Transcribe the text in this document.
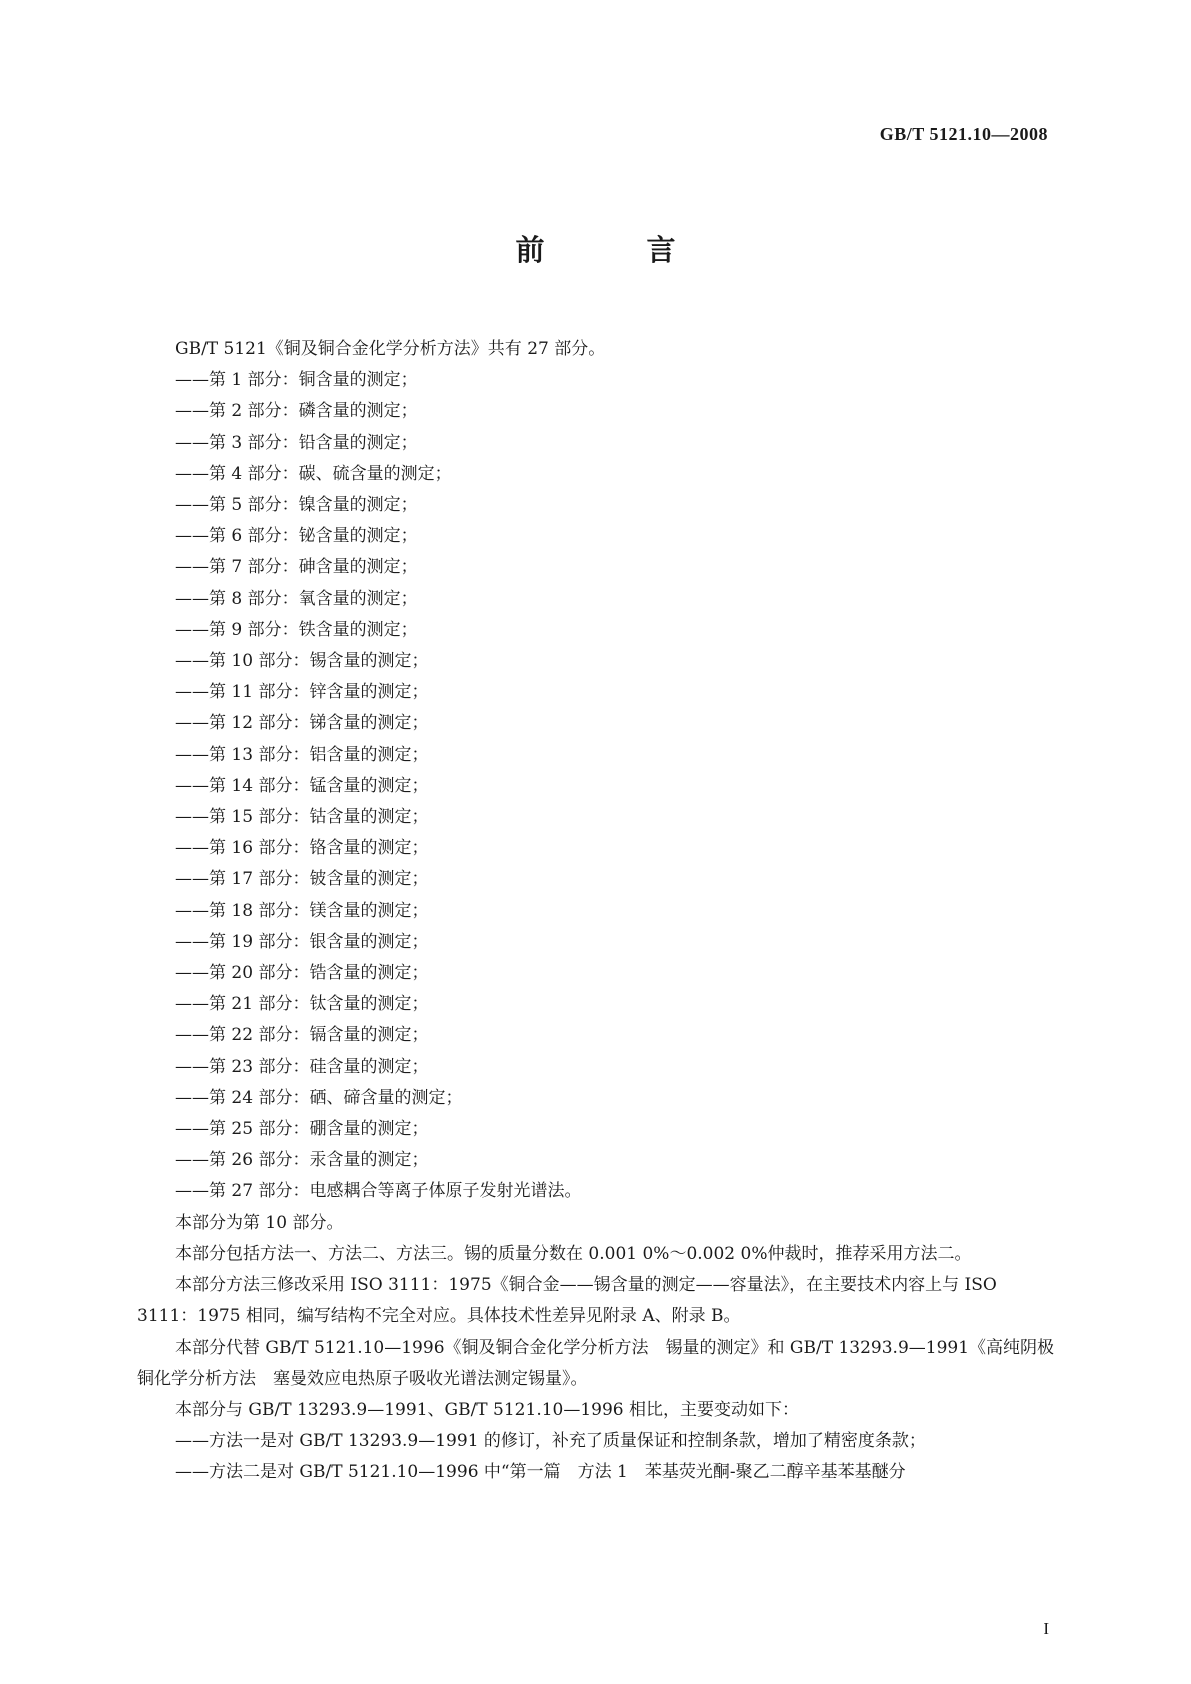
GB/T 5121.10—2008
前 言

GB/T 5121《铜及铜合金化学分析方法》共有 27 部分。

——第 1 部分：铜含量的测定；

——第 2 部分：磷含量的测定；

——第 3 部分：铅含量的测定；

——第 4 部分：碳、硫含量的测定；

——第 5 部分：镍含量的测定；

——第 6 部分：铋含量的测定；

——第 7 部分：砷含量的测定；

——第 8 部分：氧含量的测定；

——第 9 部分：铁含量的测定；

——第 10 部分：锡含量的测定；

——第 11 部分：锌含量的测定；

——第 12 部分：锑含量的测定；

——第 13 部分：铝含量的测定；

——第 14 部分：锰含量的测定；

——第 15 部分：钴含量的测定；

——第 16 部分：铬含量的测定；

——第 17 部分：铍含量的测定；

——第 18 部分：镁含量的测定；

——第 19 部分：银含量的测定；

——第 20 部分：锆含量的测定；

——第 21 部分：钛含量的测定；

——第 22 部分：镉含量的测定；

——第 23 部分：硅含量的测定；

——第 24 部分：硒、碲含量的测定；

——第 25 部分：硼含量的测定；

——第 26 部分：汞含量的测定；

——第 27 部分：电感耦合等离子体原子发射光谱法。

本部分为第 10 部分。

本部分包括方法一、方法二、方法三。锡的质量分数在 0.001 0%～0.002 0%仲裁时，推荐采用方法二。

本部分方法三修改采用 ISO 3111：1975《铜合金——锡含量的测定——容量法》，在主要技术内容上与 ISO 3111：1975 相同，编写结构不完全对应。具体技术性差异见附录 A、附录 B。

本部分代替 GB/T 5121.10—1996《铜及铜合金化学分析方法　锡量的测定》和 GB/T 13293.9—1991《高纯阴极铜化学分析方法　塞曼效应电热原子吸收光谱法测定锡量》。

本部分与 GB/T 13293.9—1991、GB/T 5121.10—1996 相比，主要变动如下：

——方法一是对 GB/T 13293.9—1991 的修订，补充了质量保证和控制条款，增加了精密度条款；

——方法二是对 GB/T 5121.10—1996 中“第一篇　方法 1　苯基荧光酮-聚乙二醇辛基苯基醚分

I
